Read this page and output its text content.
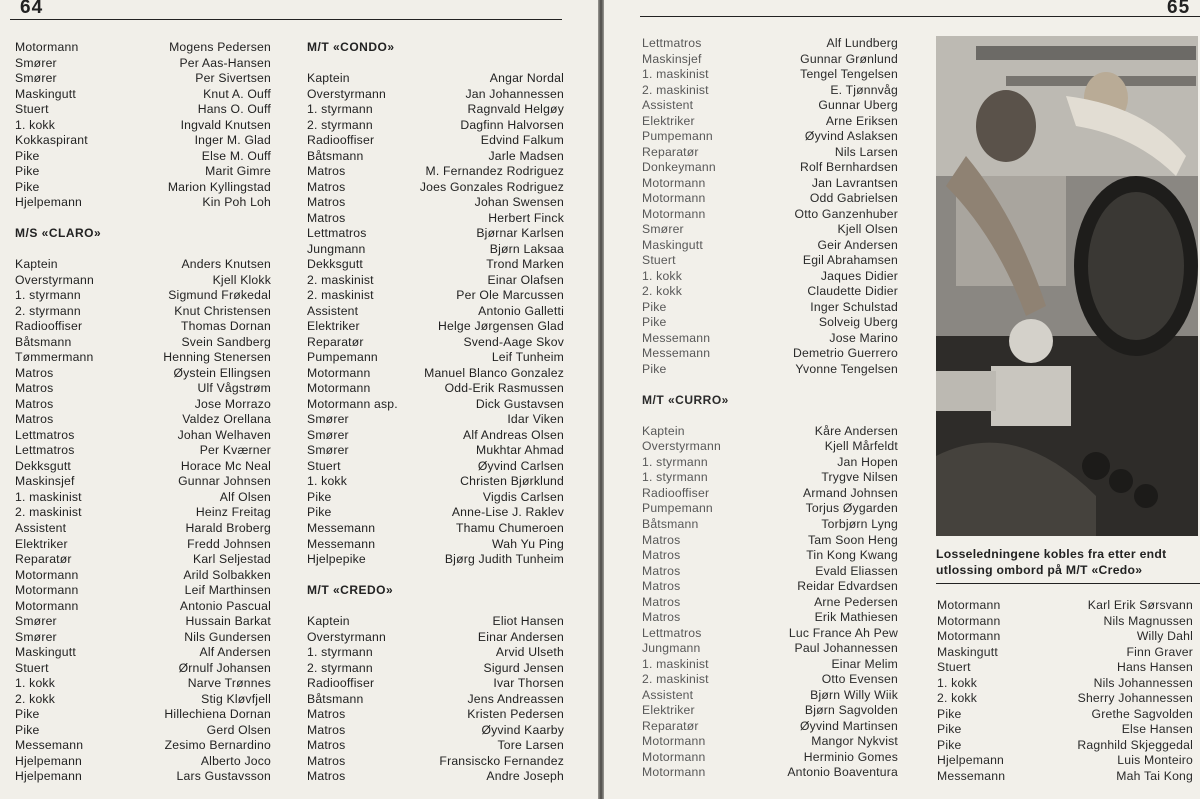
64
Motormann	Mogens Pedersen
Smører	Per Aas-Hansen
Smører	Per Sivertsen
Maskingutt	Knut A. Ouff
Stuert	Hans O. Ouff
1. kokk	Ingvald Knutsen
Kokkaspirant	Inger M. Glad
Pike	Else M. Ouff
Pike	Marit Gimre
Pike	Marion Kyllingstad
Hjelpemann	Kin Poh Loh
M/S «CLARO»
Kaptein	Anders Knutsen
Overstyrmann	Kjell Klokk
1. styrmann	Sigmund Frøkedal
2. styrmann	Knut Christensen
Radiooffiser	Thomas Dornan
Båtsmann	Svein Sandberg
Tømmermann	Henning Stenersen
Matros	Øystein Ellingsen
Matros	Ulf Vågstrøm
Matros	Jose Morrazo
Matros	Valdez Orellana
Lettmatros	Johan Welhaven
Lettmatros	Per Kværner
Dekksgutt	Horace Mc Neal
Maskinsjef	Gunnar Johnsen
1. maskinist	Alf Olsen
2. maskinist	Heinz Freitag
Assistent	Harald Broberg
Elektriker	Fredd Johnsen
Reparatør	Karl Seljestad
Motormann	Arild Solbakken
Motormann	Leif Marthinsen
Motormann	Antonio Pascual
Smører	Hussain Barkat
Smører	Nils Gundersen
Maskingutt	Alf Andersen
Stuert	Ørnulf Johansen
1. kokk	Narve Trønnes
2. kokk	Stig Kløvfjell
Pike	Hillechiena Dornan
Pike	Gerd Olsen
Messemann	Zesimo Bernardino
Hjelpemann	Alberto Joco
Hjelpemann	Lars Gustavsson
M/T «CONDO»
Kaptein	Angar Nordal
Overstyrmann	Jan Johannessen
1. styrmann	Ragnvald Helgøy
2. styrmann	Dagfinn Halvorsen
Radiooffiser	Edvind Falkum
Båtsmann	Jarle Madsen
Matros	M. Fernandez Rodriguez
Matros	Joes Gonzales Rodriguez
Matros	Johan Swensen
Matros	Herbert Finck
Lettmatros	Bjørnar Karlsen
Jungmann	Bjørn Laksaa
Dekksgutt	Trond Marken
2. maskinist	Einar Olafsen
2. maskinist	Per Ole Marcussen
Assistent	Antonio Galletti
Elektriker	Helge Jørgensen Glad
Reparatør	Svend-Aage Skov
Pumpemann	Leif Tunheim
Motormann	Manuel Blanco Gonzalez
Motormann	Odd-Erik Rasmussen
Motormann asp.	Dick Gustavsen
Smører	Idar Viken
Smører	Alf Andreas Olsen
Smører	Mukhtar Ahmad
Stuert	Øyvind Carlsen
1. kokk	Christen Bjørklund
Pike	Vigdis Carlsen
Pike	Anne-Lise J. Raklev
Messemann	Thamu Chumeroen
Messemann	Wah Yu Ping
Hjelpepike	Bjørg Judith Tunheim
M/T «CREDO»
Kaptein	Eliot Hansen
Overstyrmann	Einar Andersen
1. styrmann	Arvid Ulseth
2. styrmann	Sigurd Jensen
Radiooffiser	Ivar Thorsen
Båtsmann	Jens Andreassen
Matros	Kristen Pedersen
Matros	Øyvind Kaarby
Matros	Tore Larsen
Matros	Fransiscko Fernandez
Matros	Andre Joseph
65
Lettmatros	Alf Lundberg
Maskinsjef	Gunnar Grønlund
1. maskinist	Tengel Tengelsen
2. maskinist	E. Tjønnvåg
Assistent	Gunnar Uberg
Elektriker	Arne Eriksen
Pumpemann	Øyvind Aslaksen
Reparatør	Nils Larsen
Donkeymann	Rolf Bernhardsen
Motormann	Jan Lavrantsen
Motormann	Odd Gabrielsen
Motormann	Otto Ganzenhuber
Smører	Kjell Olsen
Maskingutt	Geir Andersen
Stuert	Egil Abrahamsen
1. kokk	Jaques Didier
2. kokk	Claudette Didier
Pike	Inger Schulstad
Pike	Solveig Uberg
Messemann	Jose Marino
Messemann	Demetrio Guerrero
Pike	Yvonne Tengelsen
M/T «CURRO»
Kaptein	Kåre Andersen
Overstyrmann	Kjell Mårfeldt
1. styrmann	Jan Hopen
1. styrmann	Trygve Nilsen
Radiooffiser	Armand Johnsen
Pumpemann	Torjus Øygarden
Båtsmann	Torbjørn Lyng
Matros	Tam Soon Heng
Matros	Tin Kong Kwang
Matros	Evald Eliassen
Matros	Reidar Edvardsen
Matros	Arne Pedersen
Matros	Erik Mathiesen
Lettmatros	Luc France Ah Pew
Jungmann	Paul Johannessen
1. maskinist	Einar Melim
2. maskinist	Otto Evensen
Assistent	Bjørn Willy Wiik
Elektriker	Bjørn Sagvolden
Reparatør	Øyvind Martinsen
Motormann	Mangor Nykvist
Motormann	Herminio Gomes
Motormann	Antonio Boaventura
Losseledningene kobles fra etter endt utlossing ombord på M/T «Credo»
Motormann	Karl Erik Sørsvann
Motormann	Nils Magnussen
Motormann	Willy Dahl
Maskingutt	Finn Graver
Stuert	Hans Hansen
1. kokk	Nils Johannessen
2. kokk	Sherry Johannessen
Pike	Grethe Sagvolden
Pike	Else Hansen
Pike	Ragnhild Skjeggedal
Hjelpemann	Luis Monteiro
Messemann	Mah Tai Kong
